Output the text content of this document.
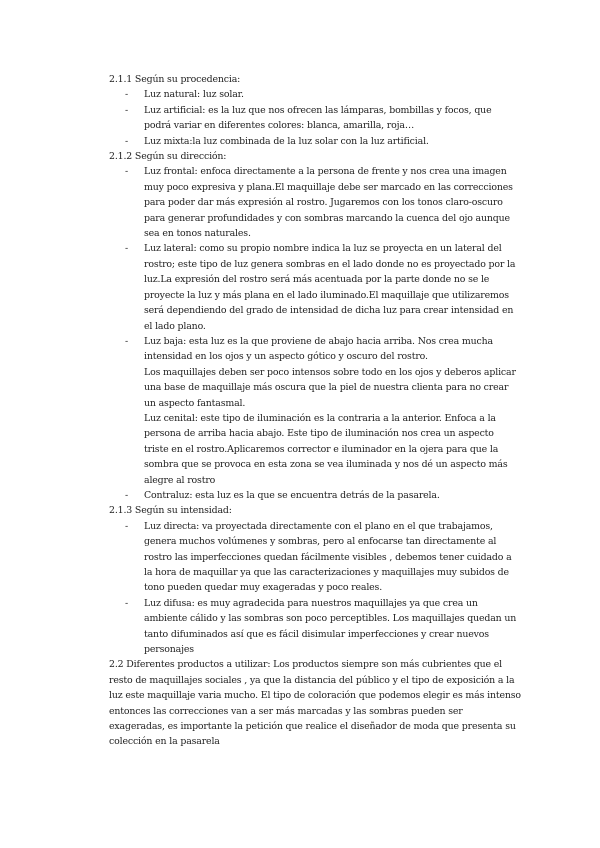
2.1.1 Según su procedencia:

- Luz natural: luz solar.
- Luz artificial: es la luz que nos ofrecen las lámparas, bombillas y focos, que podrá variar en diferentes colores: blanca, amarilla, roja…
- Luz mixta:la luz combinada de la luz solar con la luz artificial.

2.1.2 Según su dirección:

- Luz frontal: enfoca directamente a la persona de frente y nos crea una imagen muy poco expresiva y plana.El maquillaje debe ser marcado en las correcciones para poder dar más expresión al rostro. Jugaremos con los tonos claro-oscuro para generar profundidades y con sombras marcando la cuenca del ojo aunque sea en tonos naturales.
- Luz lateral: como su propio nombre indica la luz se proyecta en un lateral del rostro; este tipo de luz genera sombras en el lado donde no es proyectado por la luz.La expresión del rostro será más acentuada por la parte donde no se le proyecte la luz y más plana en el lado iluminado.El maquillaje que utilizaremos será dependiendo del grado de intensidad de dicha luz para crear intensidad en el lado plano.
- Luz baja: esta luz es la que proviene de abajo hacia arriba. Nos crea mucha intensidad en los ojos y un aspecto gótico y oscuro del rostro.
Los maquillajes deben ser poco intensos sobre todo en los ojos y deberos aplicar una base de maquillaje más oscura que la piel de nuestra clienta para no crear un aspecto fantasmal.
Luz cenital: este tipo de iluminación es la contraria a la anterior. Enfoca a la persona de arriba hacia abajo. Este tipo de iluminación nos crea un aspecto triste en el rostro.Aplicaremos corrector e iluminador en la ojera para que la sombra que se provoca en esta zona se vea iluminada y nos dé un aspecto más alegre al rostro
- Contraluz: esta luz es la que se encuentra detrás de la pasarela.

2.1.3 Según su intensidad:

- Luz directa: va proyectada directamente con el plano en el que trabajamos, genera muchos volúmenes y sombras, pero al enfocarse tan directamente al rostro las imperfecciones quedan fácilmente visibles , debemos tener cuidado a la hora de maquillar ya que las caracterizaciones y maquillajes muy subidos de tono pueden quedar muy exageradas y poco reales.
- Luz difusa: es muy agradecida para nuestros maquillajes ya que crea un ambiente cálido y las sombras son poco perceptibles. Los maquillajes quedan un tanto difuminados así que es fácil disimular imperfecciones y crear nuevos personajes

2.2 Diferentes productos a utilizar: Los productos siempre son más cubrientes que el resto de maquillajes sociales , ya que la distancia del público y el tipo de exposición a la luz este maquillaje varia mucho. El tipo de coloración que podemos elegir es más intenso entonces las correcciones van a ser más marcadas y las sombras pueden ser exageradas, es importante la petición que realice el diseñador de moda que presenta su colección en la pasarela
